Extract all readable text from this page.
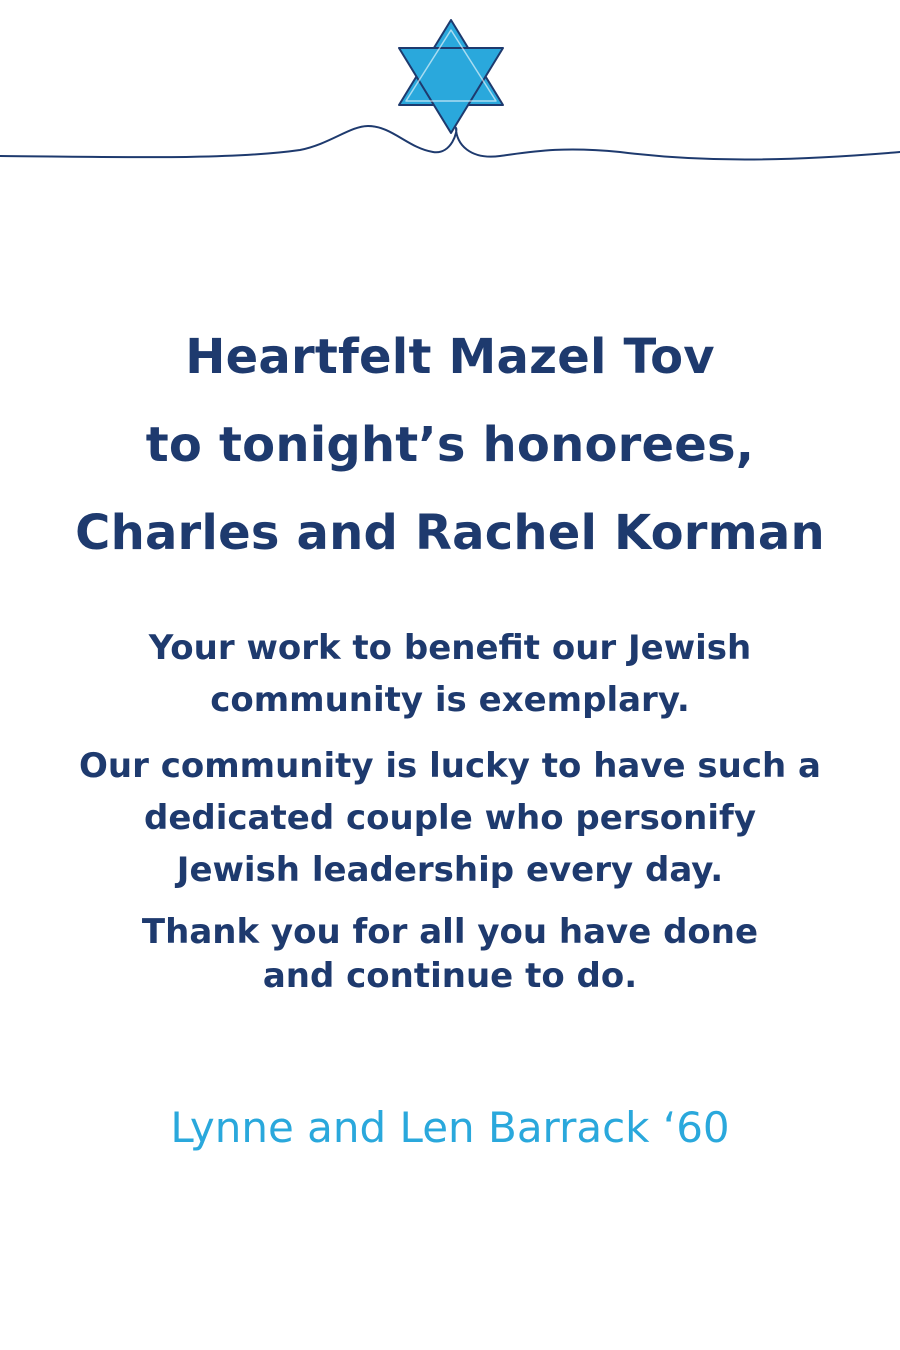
Heartfelt Mazel Tov
to tonight’s honorees,
Charles and Rachel Korman

Your work to benefit our Jewish
community is exemplary.

Our community is lucky to have such a
dedicated couple who personify
Jewish leadership every day.

Thank you for all you have done
and continue to do.

Lynne and Len Barrack ‘60
